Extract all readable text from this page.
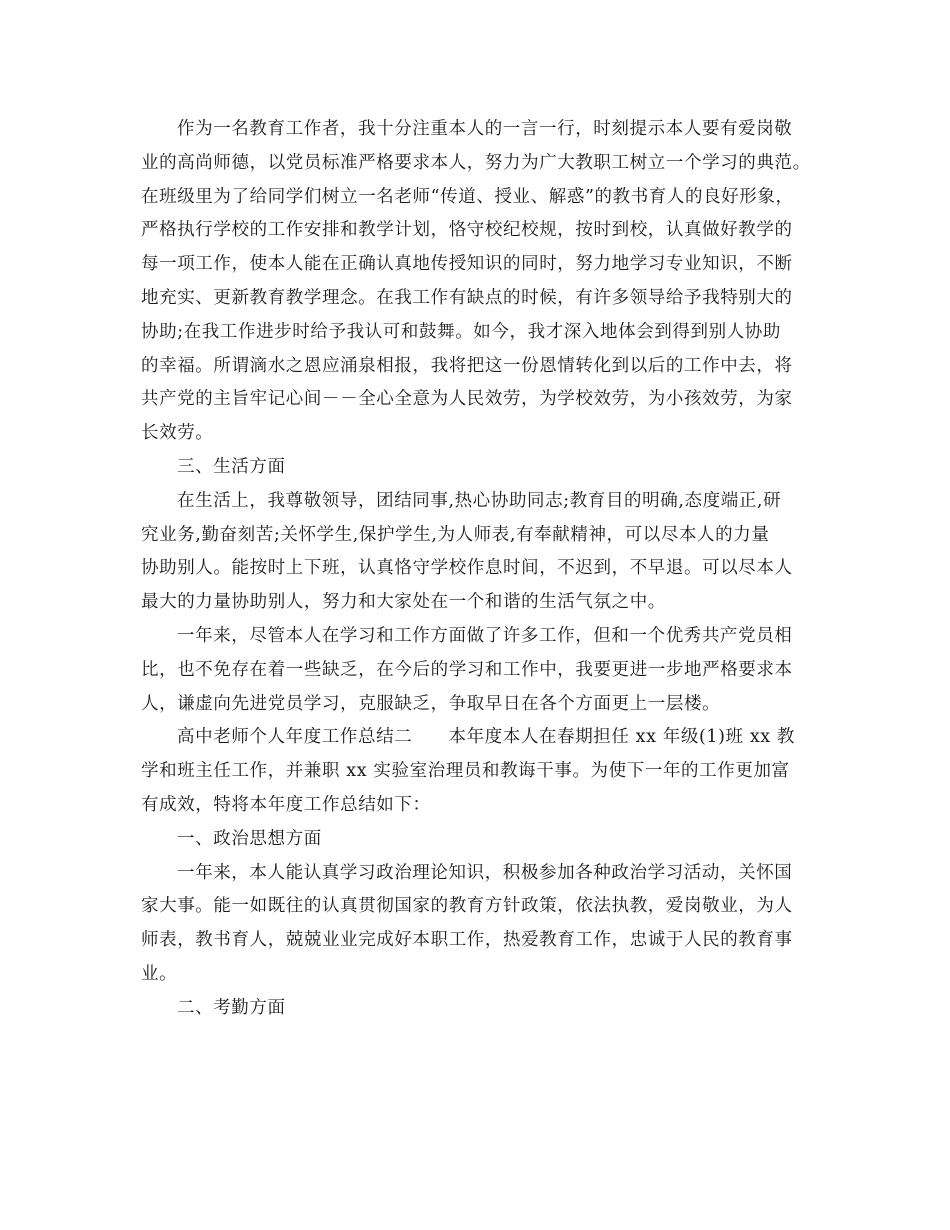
作为一名教育工作者，我十分注重本人的一言一行，时刻提示本人要有爱岗敬
业的高尚师德，以党员标准严格要求本人，努力为广大教职工树立一个学习的典范。
在班级里为了给同学们树立一名老师“传道、授业、解惑”的教书育人的良好形象，
严格执行学校的工作安排和教学计划，恪守校纪校规，按时到校，认真做好教学的
每一项工作，使本人能在正确认真地传授知识的同时，努力地学习专业知识，不断
地充实、更新教育教学理念。在我工作有缺点的时候，有许多领导给予我特别大的
协助;在我工作进步时给予我认可和鼓舞。如今，我才深入地体会到得到别人协助
的幸福。所谓滴水之恩应涌泉相报，我将把这一份恩情转化到以后的工作中去，将
共产党的主旨牢记心间－－全心全意为人民效劳，为学校效劳，为小孩效劳，为家
长效劳。
三、生活方面
在生活上，我尊敬领导，团结同事,热心协助同志;教育目的明确,态度端正,研
究业务,勤奋刻苦;关怀学生,保护学生,为人师表,有奉献精神，可以尽本人的力量
协助别人。能按时上下班，认真恪守学校作息时间，不迟到，不早退。可以尽本人
最大的力量协助别人，努力和大家处在一个和谐的生活气氛之中。
一年来，尽管本人在学习和工作方面做了许多工作，但和一个优秀共产党员相
比，也不免存在着一些缺乏，在今后的学习和工作中，我要更进一步地严格要求本
人，谦虚向先进党员学习，克服缺乏，争取早日在各个方面更上一层楼。
高中老师个人年度工作总结二　　本年度本人在春期担任 xx 年级(1)班 xx 教
学和班主任工作，并兼职 xx 实验室治理员和教诲干事。为使下一年的工作更加富
有成效，特将本年度工作总结如下：
一、政治思想方面
一年来，本人能认真学习政治理论知识，积极参加各种政治学习活动，关怀国
家大事。能一如既往的认真贯彻国家的教育方针政策，依法执教，爱岗敬业，为人
师表，教书育人，兢兢业业完成好本职工作，热爱教育工作，忠诚于人民的教育事
业。
二、考勤方面
